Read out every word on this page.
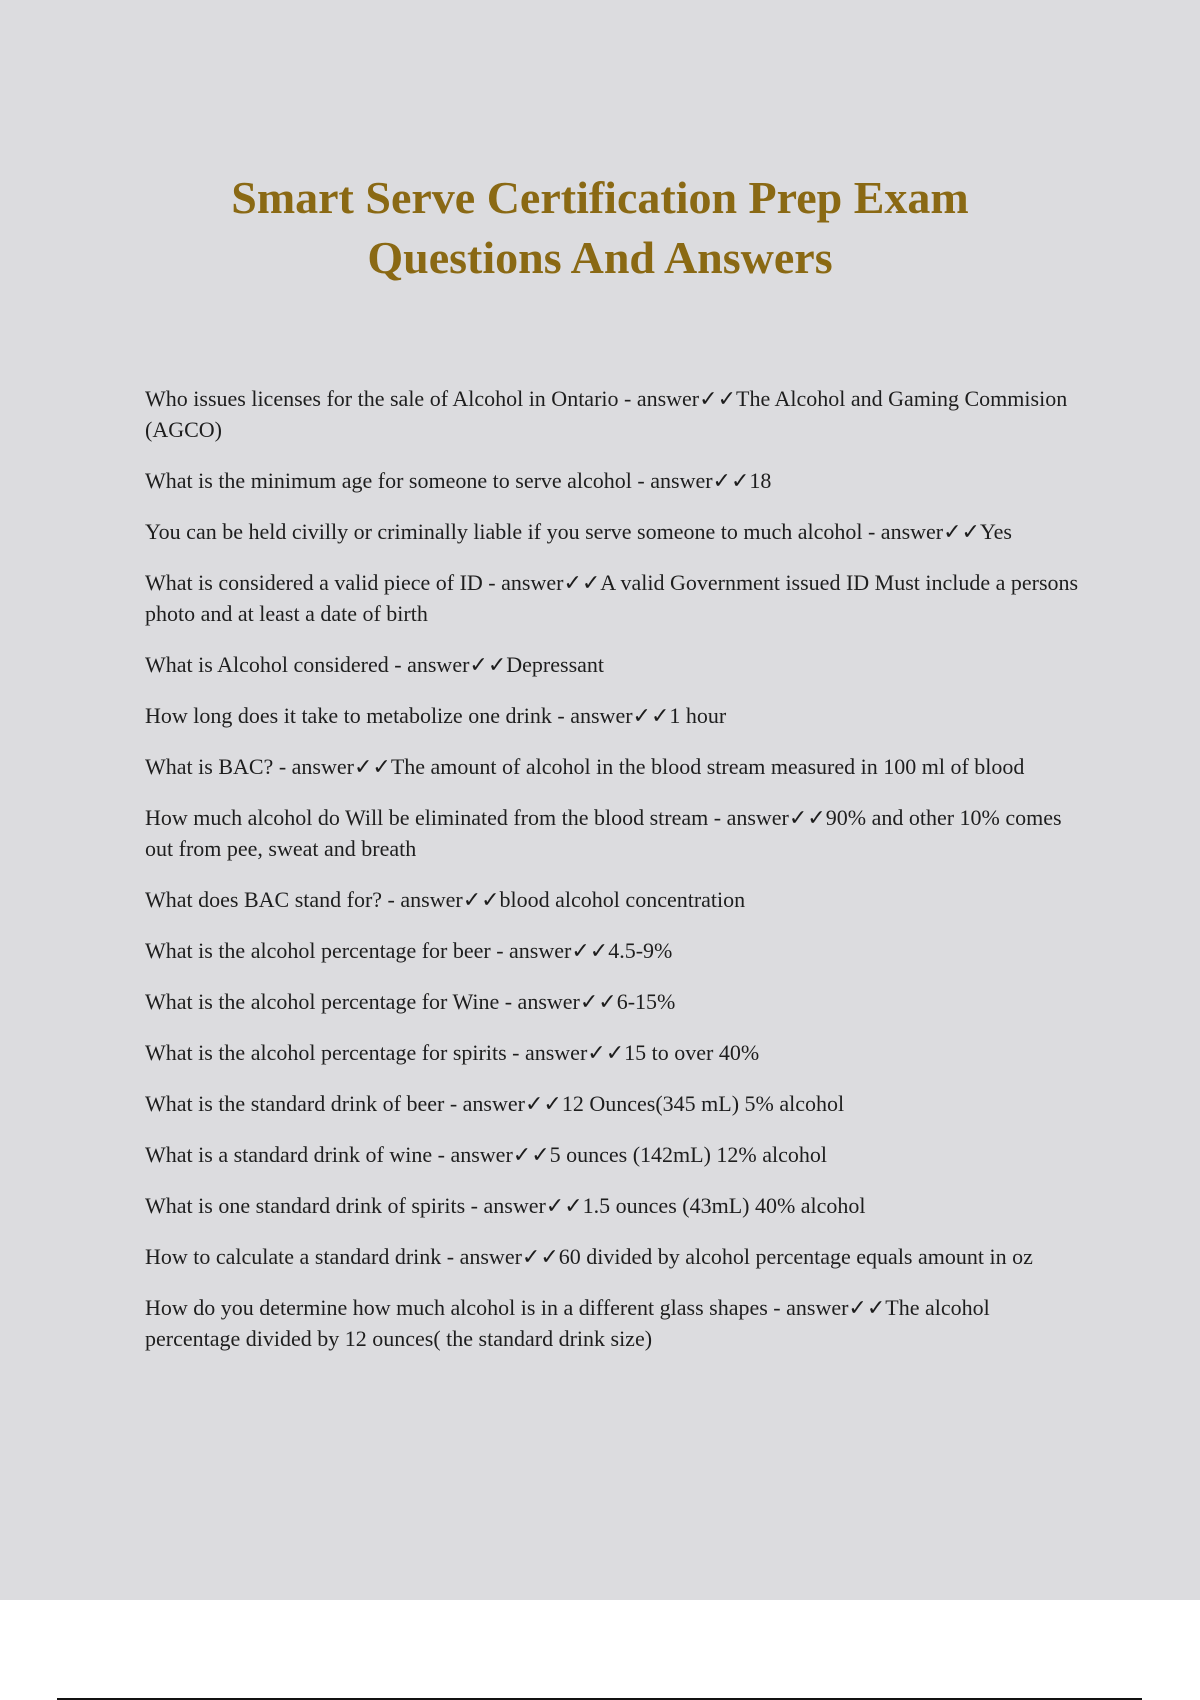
Smart Serve Certification Prep Exam
Questions And Answers
Who issues licenses for the sale of Alcohol in Ontario - answer✓✓The Alcohol and Gaming Commision (AGCO)
What is the minimum age for someone to serve alcohol - answer✓✓18
You can be held civilly or criminally liable if you serve someone to much alcohol - answer✓✓Yes
What is considered a valid piece of ID - answer✓✓A valid Government issued ID Must include a persons photo and at least a date of birth
What is Alcohol considered - answer✓✓Depressant
How long does it take to metabolize one drink - answer✓✓1 hour
What is BAC? - answer✓✓The amount of alcohol in the blood stream measured in 100 ml of blood
How much alcohol do Will be eliminated from the blood stream - answer✓✓90% and other 10% comes out from pee, sweat and breath
What does BAC stand for? - answer✓✓blood alcohol concentration
What is the alcohol percentage for beer - answer✓✓4.5-9%
What is the alcohol percentage for Wine - answer✓✓6-15%
What is the alcohol percentage for spirits - answer✓✓15 to over 40%
What is the standard drink of beer - answer✓✓12 Ounces(345 mL) 5% alcohol
What is a standard drink of wine - answer✓✓5 ounces (142mL) 12% alcohol
What is one standard drink of spirits - answer✓✓1.5 ounces (43mL) 40% alcohol
How to calculate a standard drink - answer✓✓60 divided by alcohol percentage equals amount in oz
How do you determine how much alcohol is in a different glass shapes - answer✓✓The alcohol percentage divided by 12 ounces( the standard drink size)
